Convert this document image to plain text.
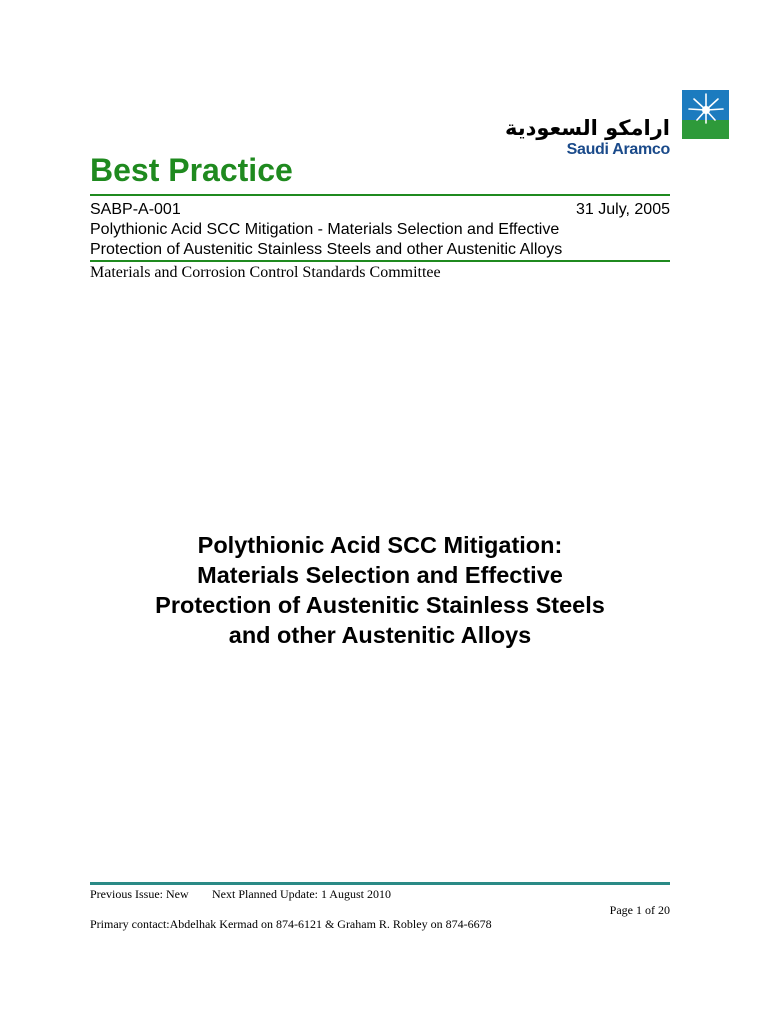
ارامكو السعودية
Saudi Aramco
Best Practice
SABP-A-001	31 July, 2005
Polythionic Acid SCC Mitigation - Materials Selection and Effective
Protection of Austenitic Stainless Steels and other Austenitic Alloys
Materials and Corrosion Control Standards Committee
Polythionic Acid SCC Mitigation:
Materials Selection and Effective
Protection of Austenitic Stainless Steels
and other Austenitic Alloys
Previous Issue: New Next Planned Update: 1 August 2010
Page 1 of 20
Primary contact:Abdelhak Kermad on 874-6121 & Graham R. Robley on 874-6678
